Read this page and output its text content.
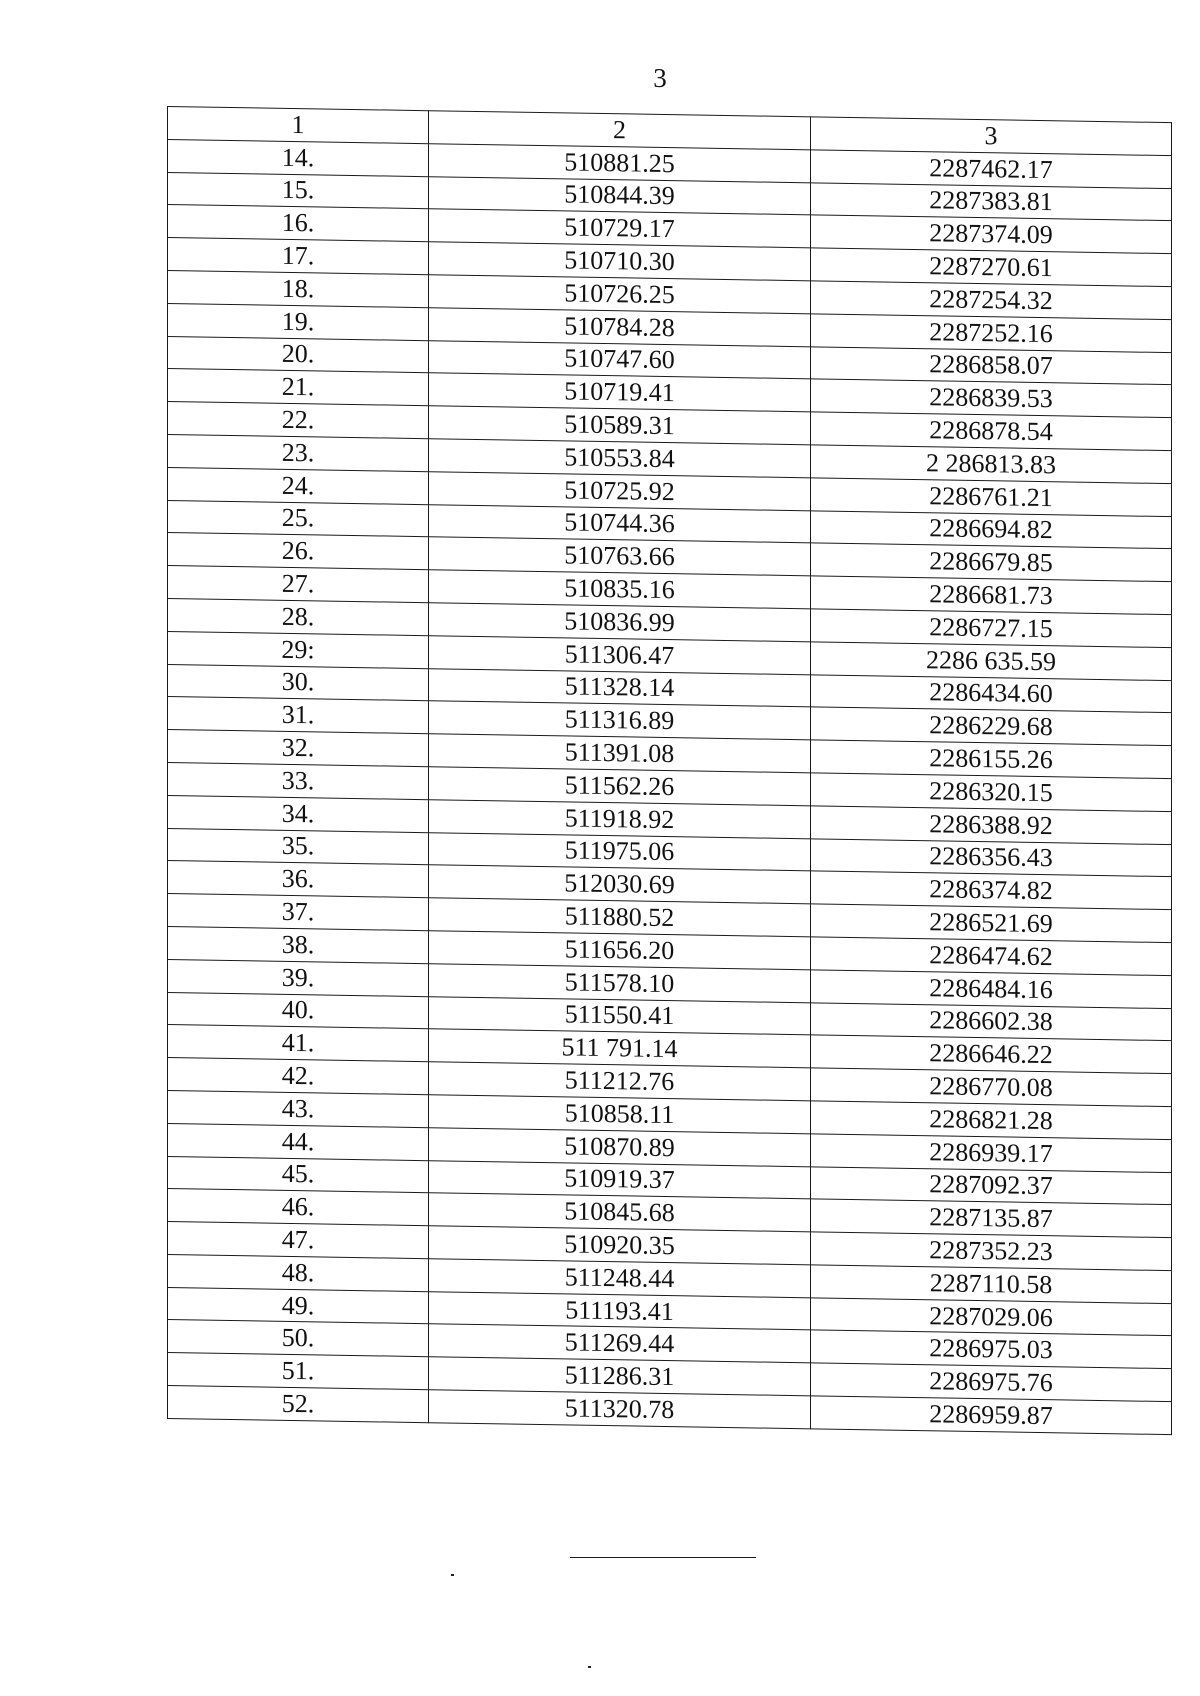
3
1	2	3
14.	510881.25	2287462.17
15.	510844.39	2287383.81
16.	510729.17	2287374.09
17.	510710.30	2287270.61
18.	510726.25	2287254.32
19.	510784.28	2287252.16
20.	510747.60	2286858.07
21.	510719.41	2286839.53
22.	510589.31	2286878.54
23.	510553.84	2 286813.83
24.	510725.92	2286761.21
25.	510744.36	2286694.82
26.	510763.66	2286679.85
27.	510835.16	2286681.73
28.	510836.99	2286727.15
29:	511306.47	2286 635.59
30.	511328.14	2286434.60
31.	511316.89	2286229.68
32.	511391.08	2286155.26
33.	511562.26	2286320.15
34.	511918.92	2286388.92
35.	511975.06	2286356.43
36.	512030.69	2286374.82
37.	511880.52	2286521.69
38.	511656.20	2286474.62
39.	511578.10	2286484.16
40.	511550.41	2286602.38
41.	511 791.14	2286646.22
42.	511212.76	2286770.08
43.	510858.11	2286821.28
44.	510870.89	2286939.17
45.	510919.37	2287092.37
46.	510845.68	2287135.87
47.	510920.35	2287352.23
48.	511248.44	2287110.58
49.	511193.41	2287029.06
50.	511269.44	2286975.03
51.	511286.31	2286975.76
52.	511320.78	2286959.87
